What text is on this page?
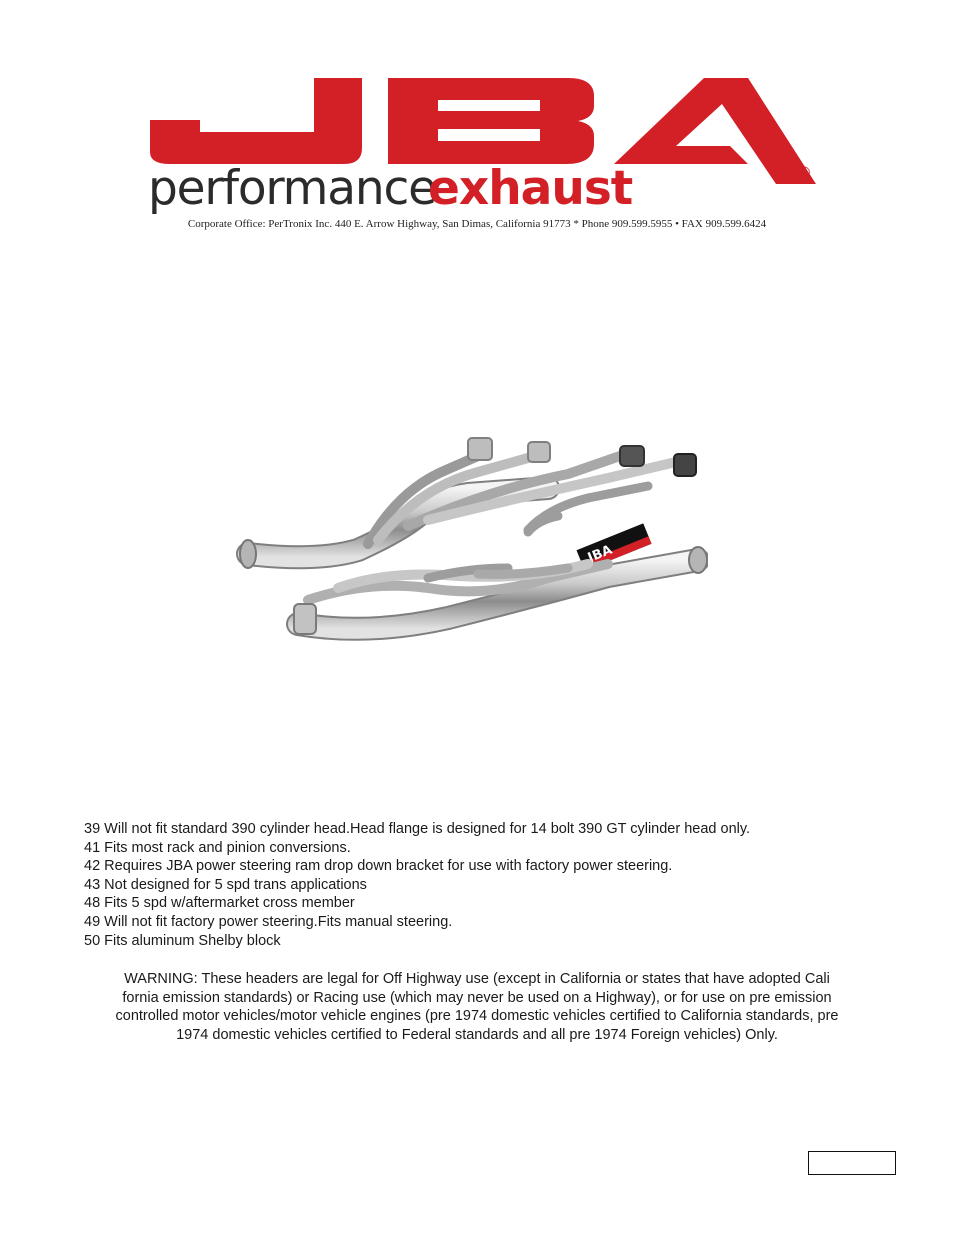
performance
exhaust	®
Corporate Office: PerTronix Inc. 440 E. Arrow Highway, San Dimas, California 91773 * Phone 909.599.5955 • FAX 909.599.6424
JBA
39 Will not fit standard 390 cylinder head.Head flange is designed for 14 bolt 390 GT cylinder head only.
41 Fits most rack and pinion conversions.
42 Requires JBA power steering ram drop down bracket for use with factory power steering.
43 Not designed for 5 spd trans applications
48 Fits 5 spd w/aftermarket cross member
49 Will not fit factory power steering.Fits manual steering.
50 Fits aluminum Shelby block
WARNING: These headers are legal for Off Highway use (except in California or states that have adopted Cali
fornia emission standards) or Racing use (which may never be used on a Highway), or for use on pre emission
controlled motor vehicles/motor vehicle engines (pre 1974 domestic vehicles certified to California standards, pre
1974 domestic vehicles certified to Federal standards and all pre 1974 Foreign vehicles) Only.
